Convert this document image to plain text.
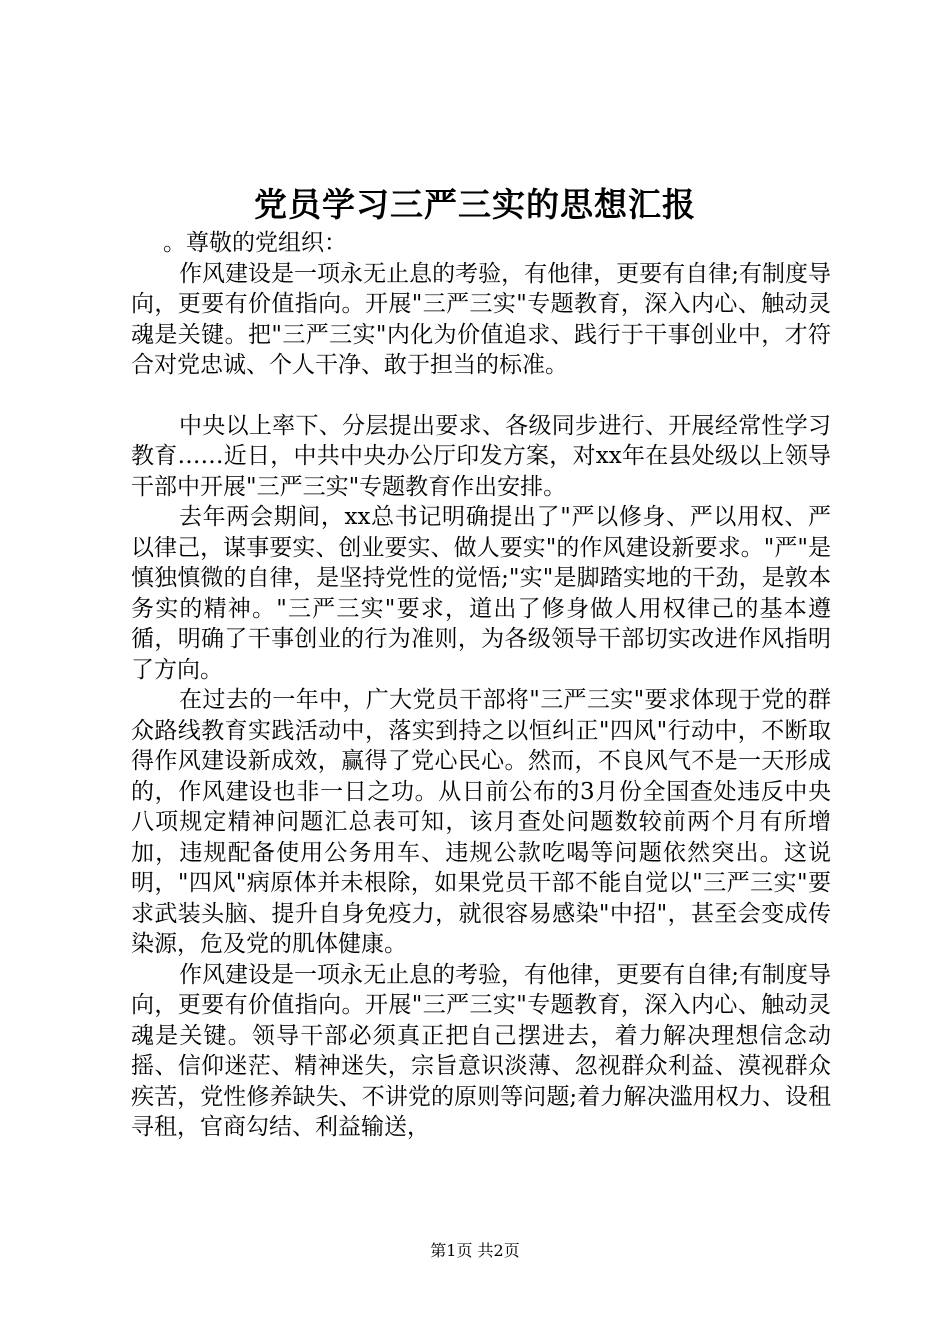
党员学习三严三实的思想汇报

。尊敬的党组织：

作风建设是一项永无止息的考验，有他律，更要有自律;有制度导向，更要有价值指向。开展"三严三实"专题教育，深入内心、触动灵魂是关键。把"三严三实"内化为价值追求、践行于干事创业中，才符合对党忠诚、个人干净、敢于担当的标准。

中央以上率下、分层提出要求、各级同步进行、开展经常性学习教育……近日，中共中央办公厅印发方案，对xx年在县处级以上领导干部中开展"三严三实"专题教育作出安排。

去年两会期间，xx总书记明确提出了"严以修身、严以用权、严以律己，谋事要实、创业要实、做人要实"的作风建设新要求。"严"是慎独慎微的自律，是坚持党性的觉悟;"实"是脚踏实地的干劲，是敦本务实的精神。"三严三实"要求，道出了修身做人用权律己的基本遵循，明确了干事创业的行为准则，为各级领导干部切实改进作风指明了方向。

在过去的一年中，广大党员干部将"三严三实"要求体现于党的群众路线教育实践活动中，落实到持之以恒纠正"四风"行动中，不断取得作风建设新成效，赢得了党心民心。然而，不良风气不是一天形成的，作风建设也非一日之功。从日前公布的3月份全国查处违反中央八项规定精神问题汇总表可知，该月查处问题数较前两个月有所增加，违规配备使用公务用车、违规公款吃喝等问题依然突出。这说明，"四风"病原体并未根除，如果党员干部不能自觉以"三严三实"要求武装头脑、提升自身免疫力，就很容易感染"中招"，甚至会变成传染源，危及党的肌体健康。

作风建设是一项永无止息的考验，有他律，更要有自律;有制度导向，更要有价值指向。开展"三严三实"专题教育，深入内心、触动灵魂是关键。领导干部必须真正把自己摆进去，着力解决理想信念动摇、信仰迷茫、精神迷失，宗旨意识淡薄、忽视群众利益、漠视群众疾苦，党性修养缺失、不讲党的原则等问题;着力解决滥用权力、设租寻租，官商勾结、利益输送，

第1页 共2页
